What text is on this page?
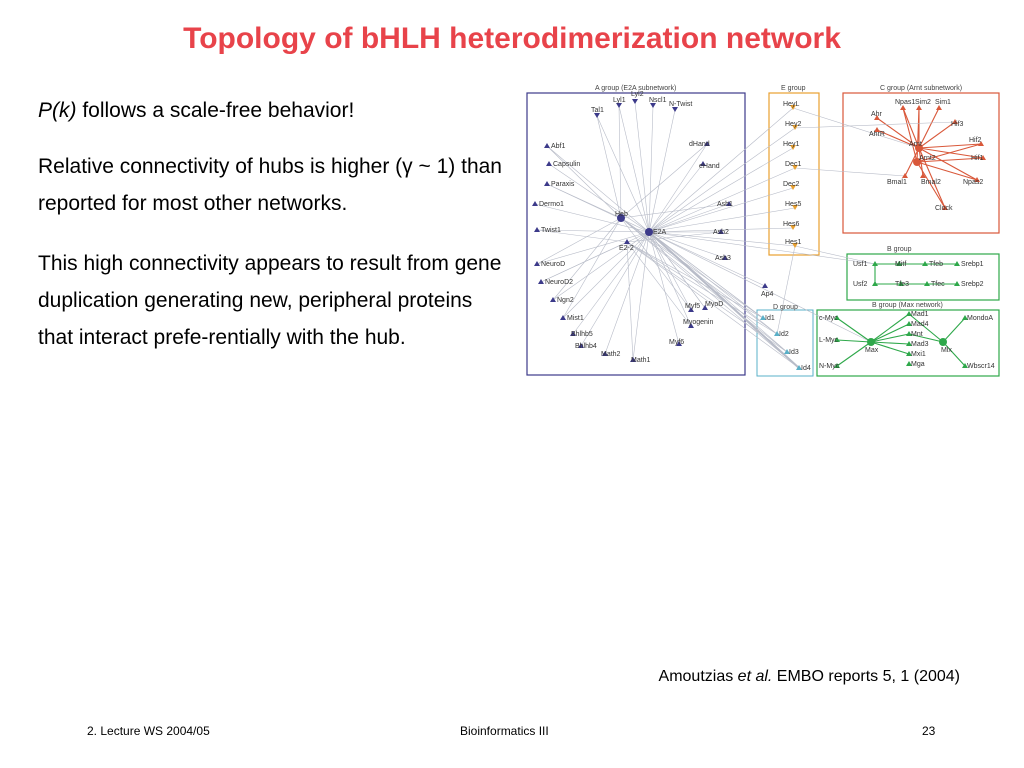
Topology of bHLH heterodimerization network

P(k) follows a scale-free behavior!

Relative connectivity of hubs is higher (γ ~ 1) than reported for most other networks.

This high connectivity appears to result from gene duplication generating new, peripheral proteins that interact prefe-rentially with the hub.

Tal1
Lyl1
Lyl2
Nscl1
N-Twist
Abf1
Capsulin
Paraxis
Dermo1
Twist1
NeuroD
NeuroD2
Ngn2
Mist1
Bhlhb5
Bhlhb4
Math2
Math1
Myf6
Myogenin
Myf5 MyoD
dHand
eHand
Heb
E2A
E2-2
Ash1
Ash2
Ash3
Ap4
HeyL
Hey2
Hey1
Dec1
Dec2
Hes5
Hes6
Hes1
Npas1 Sim2 Sim1
Ahr
AhrR
Hif3
Arnt
Arnt2
Hif2
Hif1
Bmal1 Bmal2	Npas2
Clock
Usf1
Usf2
Mitf
Tfe3
Tfeb
Tfec
Srebp1
Srebp2
c-Myc
L-Myc
N-Myc
Max
Mad1
Mad4
Mnt
Mad3
Mxi1
Mga
Mlx
MondoA
Wbscr14
Id1
Id2
Id3
Id4
A group (E2A subnetwork)	E group	C group (Arnt subnetwork)
B group
B group (Max network)
D group
Amoutzias et al. EMBO reports 5, 1 (2004)
2. Lecture WS 2004/05	Bioinformatics III	23
